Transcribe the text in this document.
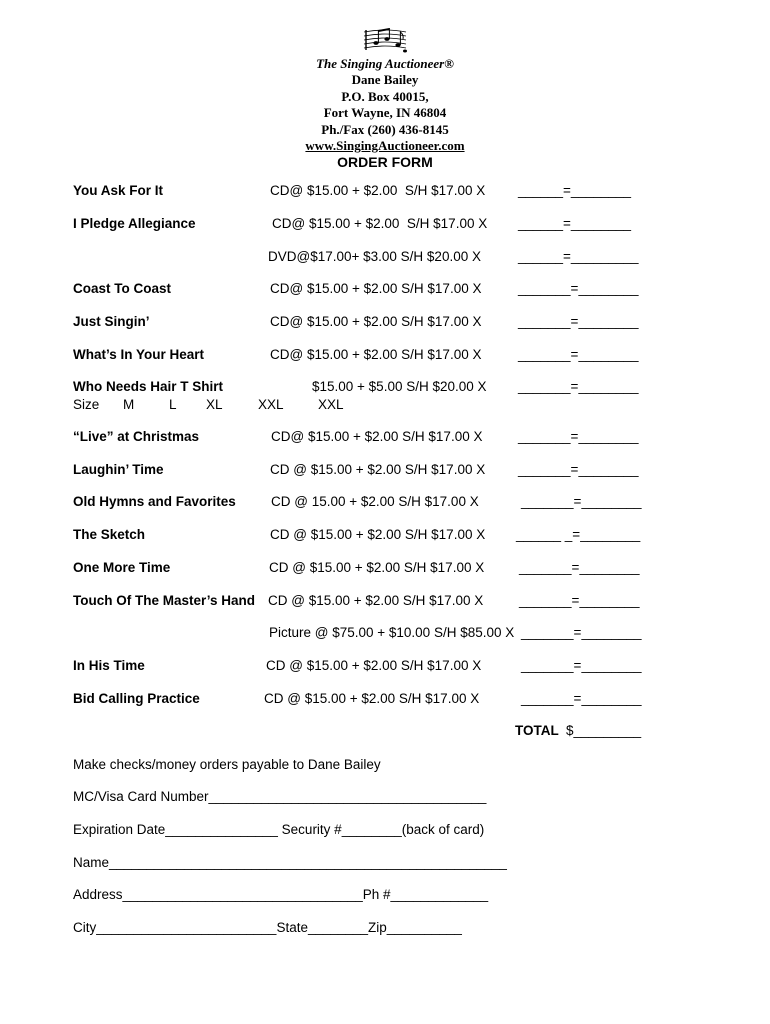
The Singing Auctioneer®
Dane Bailey
P.O. Box 40015,
Fort Wayne, IN 46804
Ph./Fax (260) 436-8145
www.SingingAuctioneer.com
ORDER FORM
You Ask For It	CD@ $15.00 + $2.00  S/H $17.00 X ______=________
I Pledge Allegiance	CD@ $15.00 + $2.00  S/H $17.00 X ______=________
DVD@$17.00+ $3.00 S/H $20.00 X	______=_________
Coast To Coast	CD@ $15.00 + $2.00 S/H $17.00 X	_______=________
Just Singin’	CD@ $15.00 + $2.00 S/H $17.00 X	_______=________
What’s In Your Heart	CD@ $15.00 + $2.00 S/H $17.00 X	_______=________
Who Needs Hair T Shirt	$15.00 + $5.00 S/H $20.00 X _______=________
Size M	L XL	XXL	XXL
“Live” at Christmas	CD@ $15.00 + $2.00 S/H $17.00 X	_______=________
Laughin’ Time	CD @ $15.00 + $2.00 S/H $17.00 X _______=________
Old Hymns and Favorites	CD @ 15.00 + $2.00 S/H $17.00 X	_______=________
The Sketch	CD @ $15.00 + $2.00 S/H $17.00 X ______ _=________
One More Time	CD @ $15.00 + $2.00 S/H $17.00 X	_______=________
Touch Of The Master’s Hand CD @ $15.00 + $2.00 S/H $17.00 X	_______=________
Picture @ $75.00 + $10.00 S/H $85.00 X _______=________
In His Time	CD @ $15.00 + $2.00 S/H $17.00 X	_______=________
Bid Calling Practice	CD @ $15.00 + $2.00 S/H $17.00 X	_______=________
TOTAL $_________
Make checks/money orders payable to Dane Bailey
MC/Visa Card Number_____________________________________
Expiration Date_______________ Security #________(back of card)
Name_____________________________________________________
Address________________________________Ph #_____________
City________________________State________Zip__________
